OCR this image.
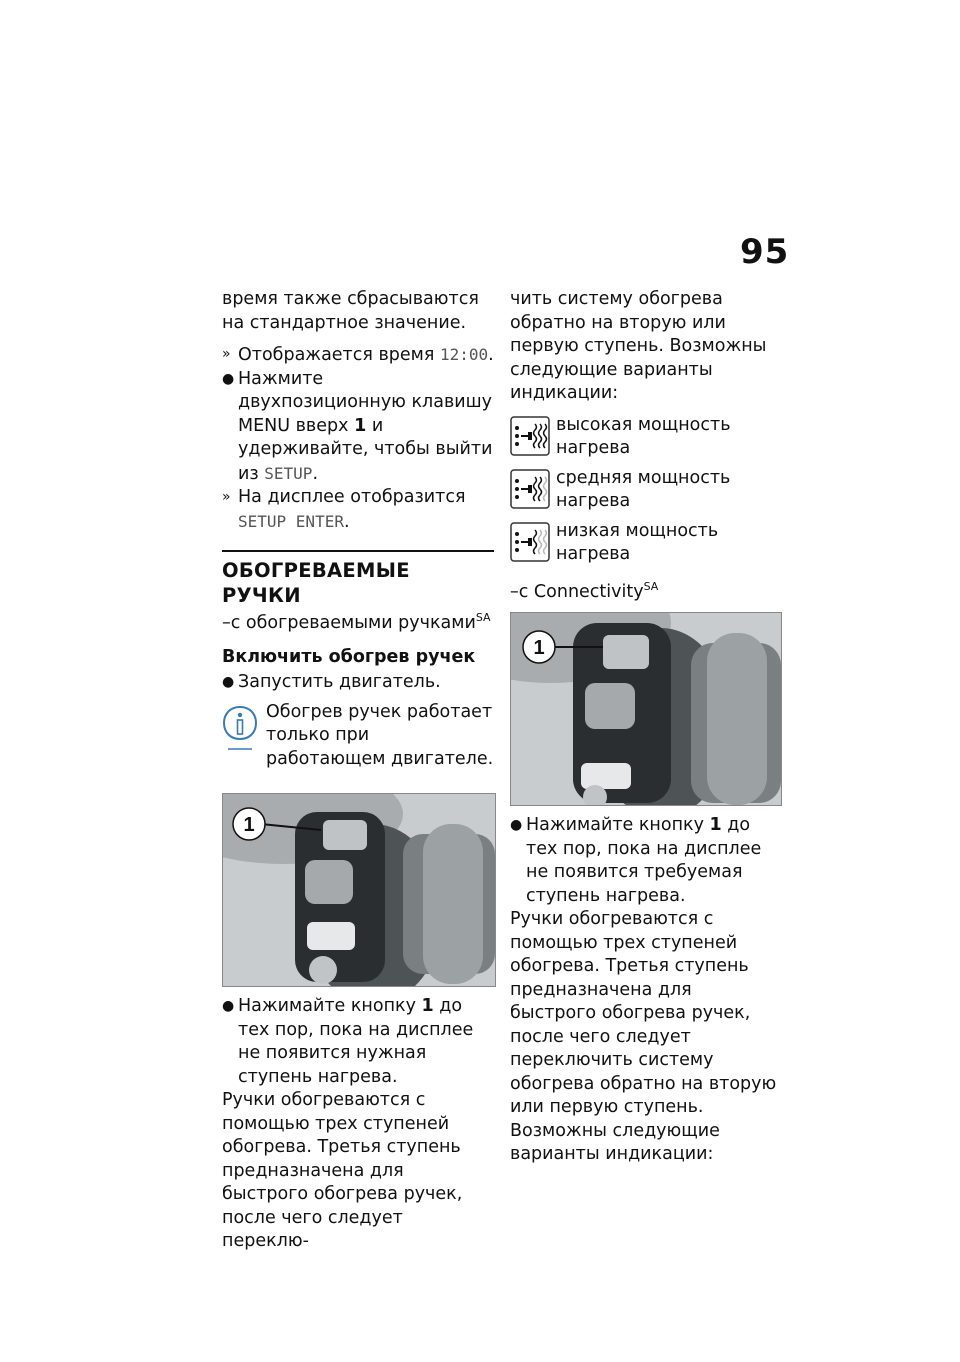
95

время также сбрасываются на стандартное значение.

» Отображается время 12:00.
● Нажмите двухпозиционную клавишу MENU вверх 1 и удерживайте, чтобы выйти из SETUP.
» На дисплее отобразится
SETUP ENTER.
ОБОГРЕВАЕМЫЕ РУЧКИ

–с обогреваемыми ручками$^{SA}$

Включить обогрев ручек
● Запустить двигатель.
Обогрев ручек работает только при работающем двигателе.
1
● Нажимайте кнопку 1 до тех пор, пока на дисплее не появится нужная ступень нагрева.

Ручки обогреваются с помощью трех ступеней обогрева. Третья ступень предназначена для быстрого обогрева ручек, после чего следует переклю-

чить систему обогрева обратно на вторую или первую ступень. Возможны следующие варианты индикации:

высокая мощность нагрева
средняя мощность нагрева
низкая мощность нагрева

–с Connectivity$^{SA}$

1
● Нажимайте кнопку 1 до тех пор, пока на дисплее не появится требуемая ступень нагрева.

Ручки обогреваются с помощью трех ступеней обогрева. Третья ступень предназначена для быстрого обогрева ручек, после чего следует переключить систему обогрева обратно на вторую или первую ступень. Возможны следующие варианты индикации:
